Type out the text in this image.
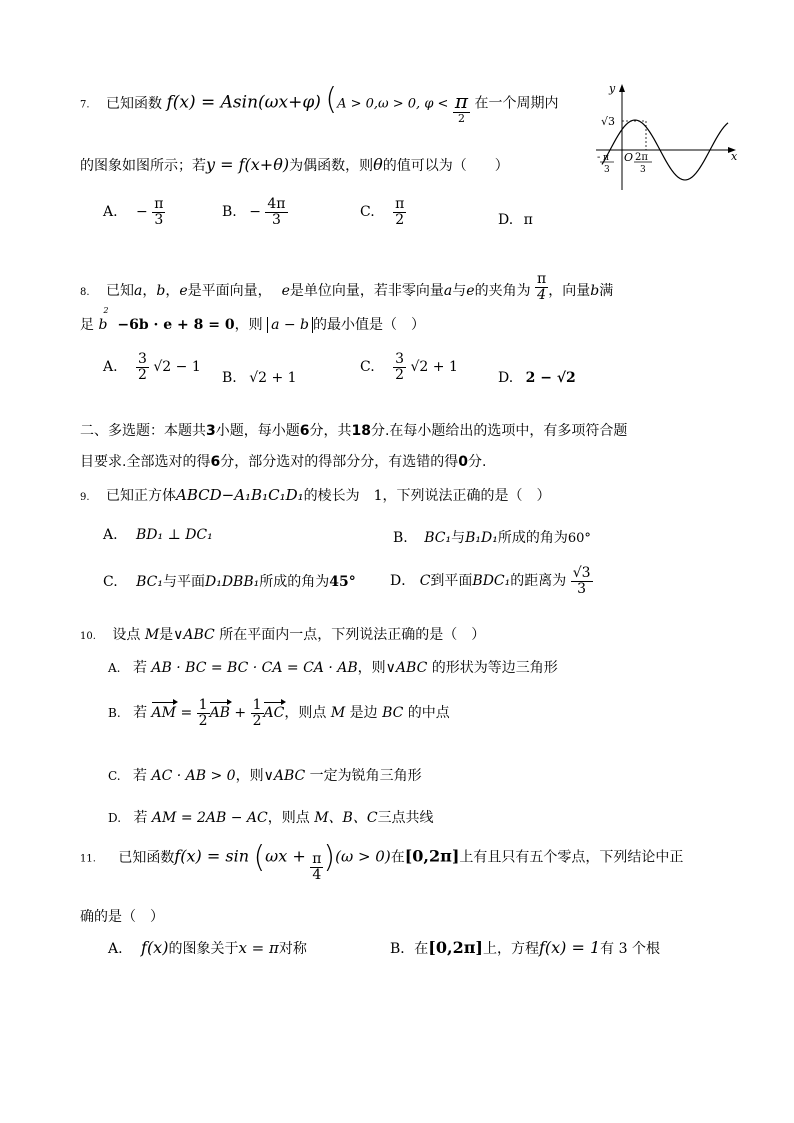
7. 已知函数 f(x) = Asin(ωx+φ) (A > 0,ω > 0, $\varphi < \frac{\pi}{2}$ 在一个周期内
的图象如图所示；若y = f(x+θ)为偶函数，则θ的值可以为（　　）
A. − $\frac{\pi}{3}$	B. − $\frac{4\pi}{3}$	C. $\frac{\pi}{2}$	D. π
y
x
√3
- π
3
O 2π
3
8. 已知a，b，e是平面向量， e是单位向量，若非零向量a与e的夹角为 $\frac{\pi}{4}$ ，向量b满
足 $b^2 -6b \cdot e + 8 = 0$，则 a − b 的最小值是（　）
A. $\frac{3}{2} √2 - 1$
B. √2 + 1
C. $\frac{3}{2} √2 + 1$
D. 2 − √2
二、多选题：本题共3小题，每小题6分，共18分.在每小题给出的选项中，有多项符合题
目要求.全部选对的得6分，部分选对的得部分分，有选错的得0分.
9. 已知正方体ABCD−A₁B₁C₁D₁的棱长为　1，下列说法正确的是（　）
A. BD₁ ⊥ DC₁	B. BC₁与B₁D₁所成的角为60°
C. BC₁与平面D₁DBB₁所成的角为45° D． C到平面BDC₁的距离为 $\frac{√3}{3}$
10. 设点 M是∨ABC 所在平面内一点，下列说法正确的是（　）
A. 若 AB · BC = BC · CA = CA · AB，则∨ABC 的形状为等边三角形
B. 若 AM = $\frac{1}{2}$ AB + $\frac{1}{2}$ AC，则点 M 是边 BC 的中点
C. 若 AC · AB > 0，则∨ABC 一定为锐角三角形
D. 若 AM = 2AB − AC，则点 M、B、C三点共线
11. 已知函数$f(x) = \sin (\omega x + \frac{\pi}{4} )(\omega > 0)$在[0,2π]上有且只有五个零点，下列结论中正
确的是（　）
A. f(x)的图象关于x = π对称	B．在[0,2π]上，方程f(x) = 1有 3 个根
